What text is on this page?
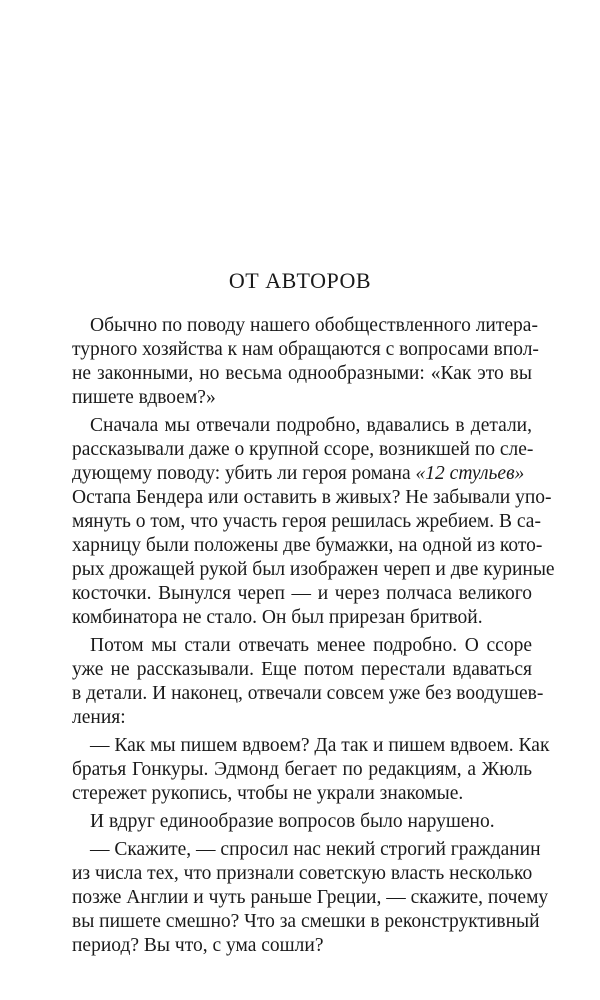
ОТ АВТОРОВ
Обычно по поводу нашего обобществленного литера-
турного хозяйства к нам обращаются с вопросами впол-
не законными, но весьма однообразными: «Как это вы
пишете вдвоем?»
Сначала мы отвечали подробно, вдавались в детали,
рассказывали даже о крупной ссоре, возникшей по сле-
дующему поводу: убить ли героя романа «12 стульев»
Остапа Бендера или оставить в живых? Не забывали упо-
мянуть о том, что участь героя решилась жребием. В са-
харницу были положены две бумажки, на одной из кото-
рых дрожащей рукой был изображен череп и две куриные
косточки. Вынулся череп — и через полчаса великого
комбинатора не стало. Он был прирезан бритвой.
Потом мы стали отвечать менее подробно. О ссоре
уже не рассказывали. Еще потом перестали вдаваться
в детали. И наконец, отвечали совсем уже без воодушев-
ления:
— Как мы пишем вдвоем? Да так и пишем вдвоем. Как
братья Гонкуры. Эдмонд бегает по редакциям, а Жюль
стережет рукопись, чтобы не украли знакомые.
И вдруг единообразие вопросов было нарушено.
— Скажите, — спросил нас некий строгий гражданин
из числа тех, что признали советскую власть несколько
позже Англии и чуть раньше Греции, — скажите, почему
вы пишете смешно? Что за смешки в реконструктивный
период? Вы что, с ума сошли?
